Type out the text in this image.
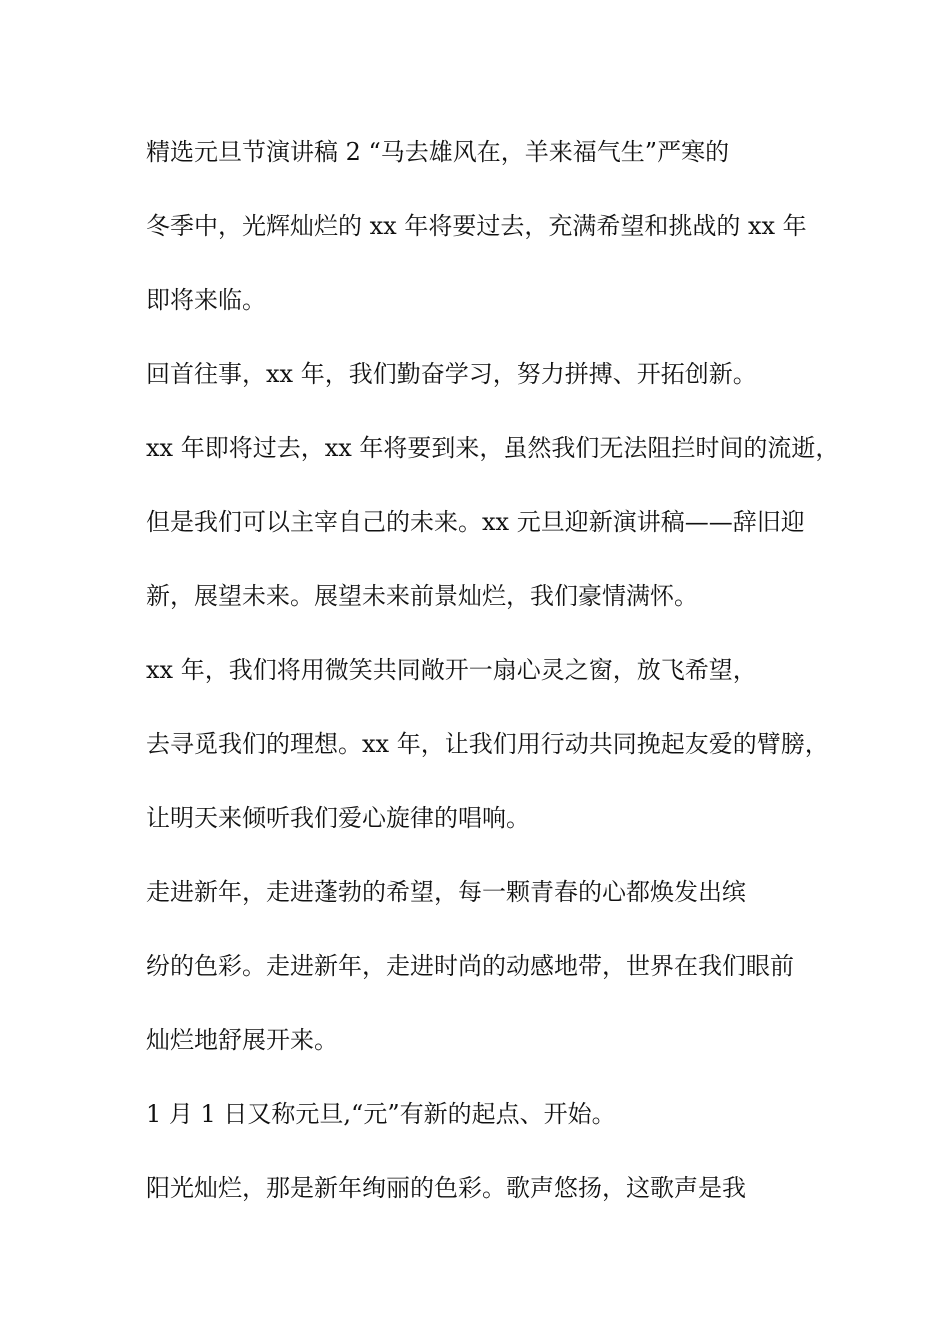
精选元旦节演讲稿 2 “马去雄风在，羊来福气生”严寒的
冬季中，光辉灿烂的 xx 年将要过去，充满希望和挑战的 xx 年
即将来临。
回首往事，xx 年，我们勤奋学习，努力拼搏、开拓创新。
xx 年即将过去，xx 年将要到来，虽然我们无法阻拦时间的流逝，
但是我们可以主宰自己的未来。xx 元旦迎新演讲稿——辞旧迎
新，展望未来。展望未来前景灿烂，我们豪情满怀。
xx 年，我们将用微笑共同敞开一扇心灵之窗，放飞希望，
去寻觅我们的理想。xx 年，让我们用行动共同挽起友爱的臂膀，
让明天来倾听我们爱心旋律的唱响。
走进新年，走进蓬勃的希望，每一颗青春的心都焕发出缤
纷的色彩。走进新年，走进时尚的动感地带，世界在我们眼前
灿烂地舒展开来。
1 月 1 日又称元旦,“元”有新的起点、开始。
阳光灿烂，那是新年绚丽的色彩。歌声悠扬，这歌声是我
